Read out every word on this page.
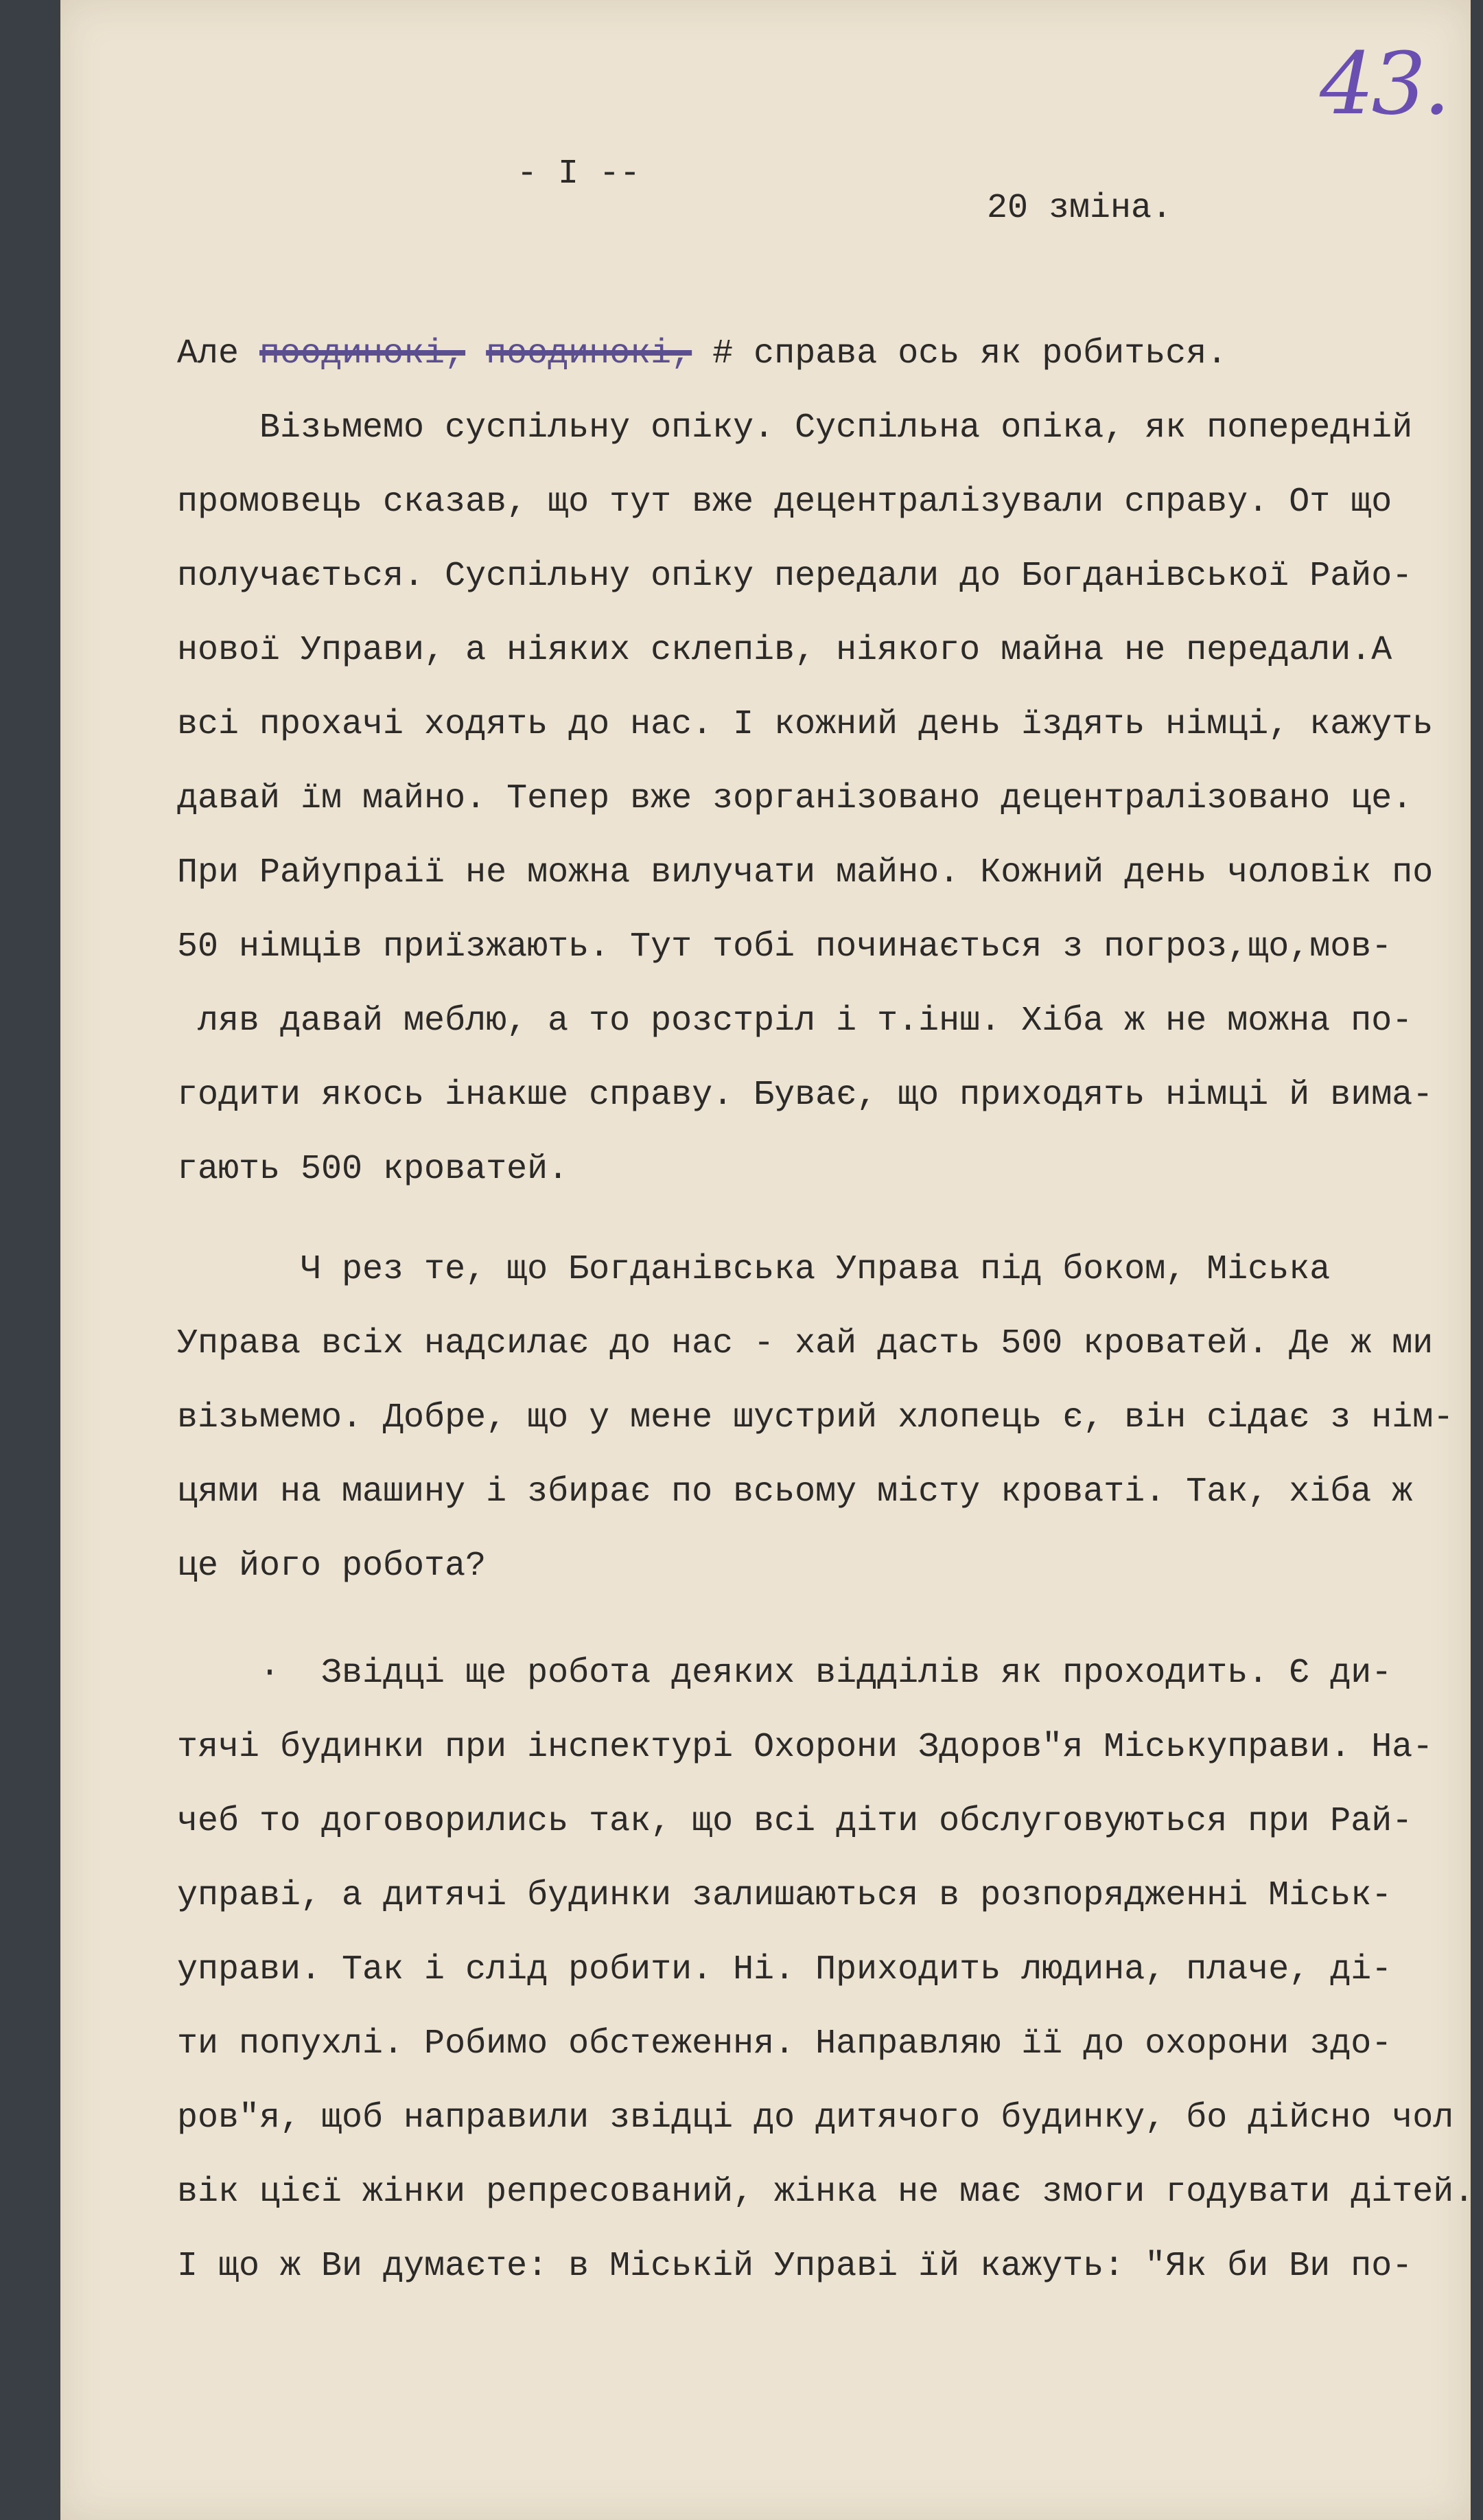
43.
- I --
20 зміна.
Але поодинокі, поодинокі, # справа ось як робиться.
Візьмемо суспільну опіку. Суспільна опіка, як попередній
промовець сказав, що тут вже децентралізували справу. От що
получається. Суспільну опіку передали до Богданівської Райо-
нової Управи, а ніяких склепів, ніякого майна не передали.А
всі прохачі ходять до нас. І кожний день їздять німці, кажуть
давай їм майно. Тепер вже зорганізовано децентралізовано це.
При Райупраії не можна вилучати майно. Кожний день чоловік по
50 німців приїзжають. Тут тобі починається з погроз,що,мов-
ляв давай меблю, а то розстріл і т.інш. Хіба ж не можна по-
годити якось інакше справу. Буває, що приходять німці й вима-
гають 500 кроватей.
Ч рез те, що Богданівська Управа під боком, Міська
Управа всіх надсилає до нас - хай дасть 500 кроватей. Де ж ми
візьмемо. Добре, що у мене шустрий хлопець є, він сідає з нім-
цями на машину і збирає по всьому місту кроваті. Так, хіба ж
це його робота?
·  Звідці ще робота деяких відділів як проходить. Є ди-
тячі будинки при інспектурі Охорони Здоров"я Міськуправи. На-
чеб то договорились так, що всі діти обслуговуються при Рай-
управі, а дитячі будинки залишаються в розпорядженні Міськ-
управи. Так і слід робити. Ні. Приходить людина, плаче, ді-
ти попухлі. Робимо обстеження. Направляю її до охорони здо-
ров"я, щоб направили звідці до дитячого будинку, бо дійсно чол
вік цієї жінки репресований, жінка не має змоги годувати дітей.
І що ж Ви думаєте: в Міській Управі їй кажуть: "Як би Ви по-
